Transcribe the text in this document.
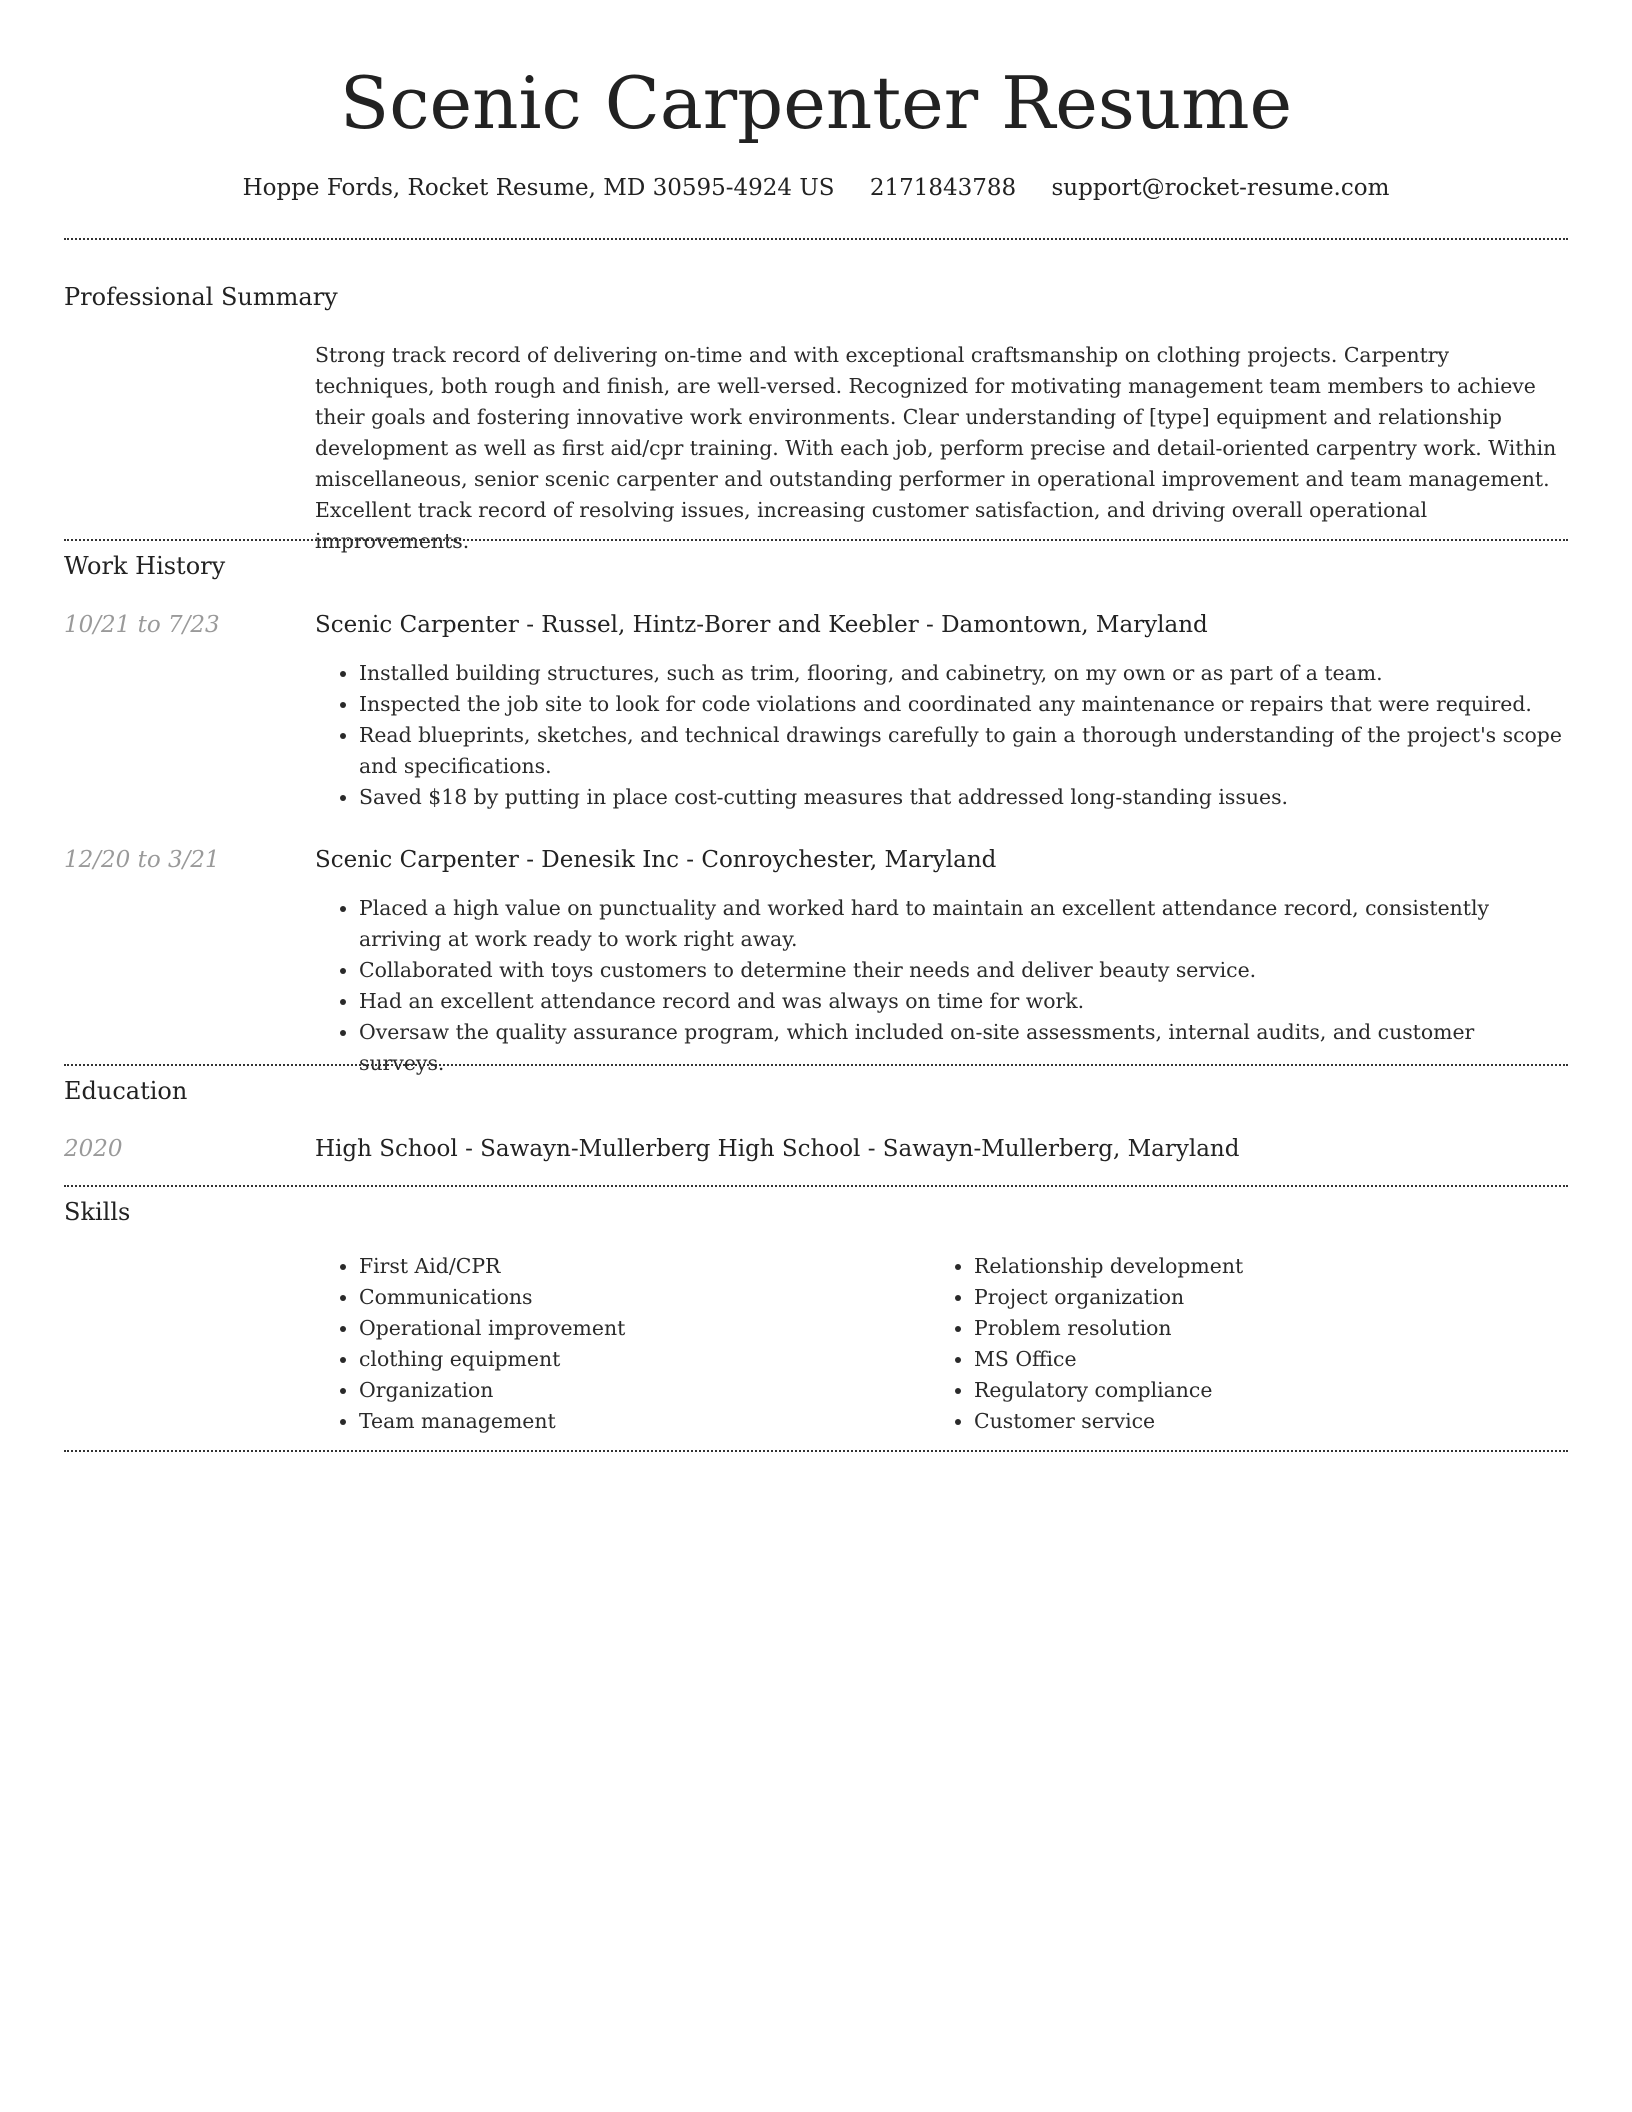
Scenic Carpenter Resume
Hoppe Fords, Rocket Resume, MD 30595-4924 US 2171843788 support@rocket-resume.com
Professional Summary
Strong track record of delivering on-time and with exceptional craftsmanship on clothing projects. Carpentry techniques, both rough and finish, are well-versed. Recognized for motivating management team members to achieve their goals and fostering innovative work environments. Clear understanding of [type] equipment and relationship development as well as first aid/cpr training. With each job, perform precise and detail-oriented carpentry work. Within miscellaneous, senior scenic carpenter and outstanding performer in operational improvement and team management. Excellent track record of resolving issues, increasing customer satisfaction, and driving overall operational improvements.
Work History
10/21 to 7/23	Scenic Carpenter - Russel, Hintz-Borer and Keebler - Damontown, Maryland
• Installed building structures, such as trim, flooring, and cabinetry, on my own or as part of a team.
• Inspected the job site to look for code violations and coordinated any maintenance or repairs that were required.
• Read blueprints, sketches, and technical drawings carefully to gain a thorough understanding of the project's scope and specifications.
• Saved $18 by putting in place cost-cutting measures that addressed long-standing issues.
12/20 to 3/21	Scenic Carpenter - Denesik Inc - Conroychester, Maryland
• Placed a high value on punctuality and worked hard to maintain an excellent attendance record, consistently arriving at work ready to work right away.
• Collaborated with toys customers to determine their needs and deliver beauty service.
• Had an excellent attendance record and was always on time for work.
• Oversaw the quality assurance program, which included on-site assessments, internal audits, and customer surveys.
Education
2020	High School - Sawayn-Mullerberg High School - Sawayn-Mullerberg, Maryland
Skills
• First Aid/CPR
• Communications
• Operational improvement
• clothing equipment
• Organization
• Team management
• Relationship development
• Project organization
• Problem resolution
• MS Office
• Regulatory compliance
• Customer service
